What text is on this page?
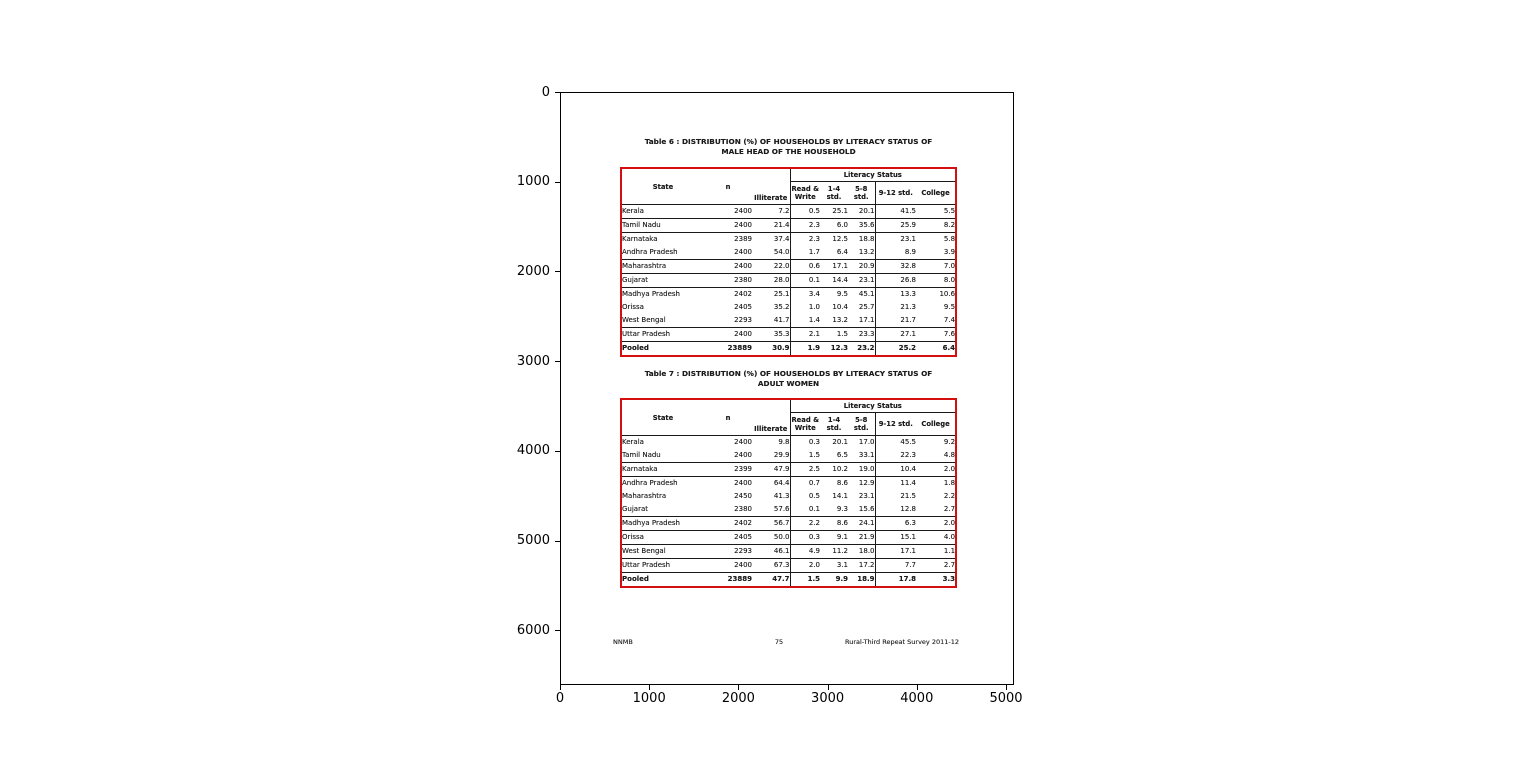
0
1000
2000
3000
4000
5000
6000
0	1000	2000	3000	4000	5000
Table 6 : DISTRIBUTION (%) OF HOUSEHOLDS BY LITERACY STATUS OF
MALE HEAD OF THE HOUSEHOLD
State	n	Illiterate	Literacy Status				
			Read & Write	1-4 std.	5-8 std.	9-12 std.	College
Kerala	2400	7.2	0.5	25.1	20.1	41.5	5.5
Tamil Nadu	2400	21.4	2.3	6.0	35.6	25.9	8.2
Karnataka	2389	37.4	2.3	12.5	18.8	23.1	5.8
Andhra Pradesh	2400	54.0	1.7	6.4	13.2	8.9	3.9
Maharashtra	2400	22.0	0.6	17.1	20.9	32.8	7.0
Gujarat	2380	28.0	0.1	14.4	23.1	26.8	8.0
Madhya Pradesh	2402	25.1	3.4	9.5	45.1	13.3	10.6
Orissa	2405	35.2	1.0	10.4	25.7	21.3	9.5
West Bengal	2293	41.7	1.4	13.2	17.1	21.7	7.4
Uttar Pradesh	2400	35.3	2.1	1.5	23.3	27.1	7.6
Pooled	23889	30.9	1.9	12.3	23.2	25.2	6.4
Table 7 : DISTRIBUTION (%) OF HOUSEHOLDS BY LITERACY STATUS OF
ADULT WOMEN
State	n	Illiterate	Literacy Status				
			Read & Write	1-4 std.	5-8 std.	9-12 std.	College
Kerala	2400	9.8	0.3	20.1	17.0	45.5	9.2
Tamil Nadu	2400	29.9	1.5	6.5	33.1	22.3	4.8
Karnataka	2399	47.9	2.5	10.2	19.0	10.4	2.0
Andhra Pradesh	2400	64.4	0.7	8.6	12.9	11.4	1.8
Maharashtra	2450	41.3	0.5	14.1	23.1	21.5	2.2
Gujarat	2380	57.6	0.1	9.3	15.6	12.8	2.7
Madhya Pradesh	2402	56.7	2.2	8.6	24.1	6.3	2.0
Orissa	2405	50.0	0.3	9.1	21.9	15.1	4.0
West Bengal	2293	46.1	4.9	11.2	18.0	17.1	1.1
Uttar Pradesh	2400	67.3	2.0	3.1	17.2	7.7	2.7
Pooled	23889	47.7	1.5	9.9	18.9	17.8	3.3
NNMB	75	Rural-Third Repeat Survey 2011-12
